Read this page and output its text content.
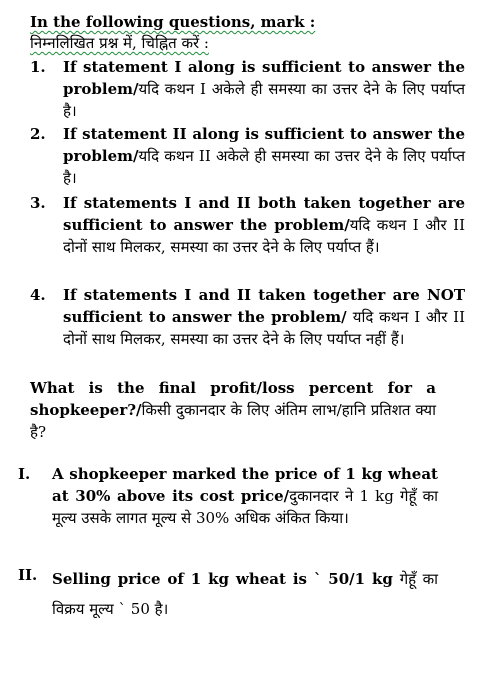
In the following questions, mark :
निम्नलिखित प्रश्न में, चिह्नित करें :
1. If statement I along is sufficient to answer the problem/यदि कथन I अकेले ही समस्या का उत्तर देने के लिए पर्याप्त है।
2. If statement II along is sufficient to answer the problem/यदि कथन II अकेले ही समस्या का उत्तर देने के लिए पर्याप्त है।
3. If statements I and II both taken together are sufficient to answer the problem/यदि कथन I और II दोनों साथ मिलकर, समस्या का उत्तर देने के लिए पर्याप्त हैं।
4. If statements I and II taken together are NOT sufficient to answer the problem/ यदि कथन I और II दोनों साथ मिलकर, समस्या का उत्तर देने के लिए पर्याप्त नहीं हैं।
What is the final profit/loss percent for a shopkeeper?/किसी दुकानदार के लिए अंतिम लाभ/हानि प्रतिशत क्या है?
I. A shopkeeper marked the price of 1 kg wheat at 30% above its cost price/दुकानदार ने 1 kg गेहूँ का मूल्य उसके लागत मूल्य से 30% अधिक अंकित किया।
II. Selling price of 1 kg wheat is ` 50/1 kg गेहूँ का विक्रय मूल्य ` 50 है।
